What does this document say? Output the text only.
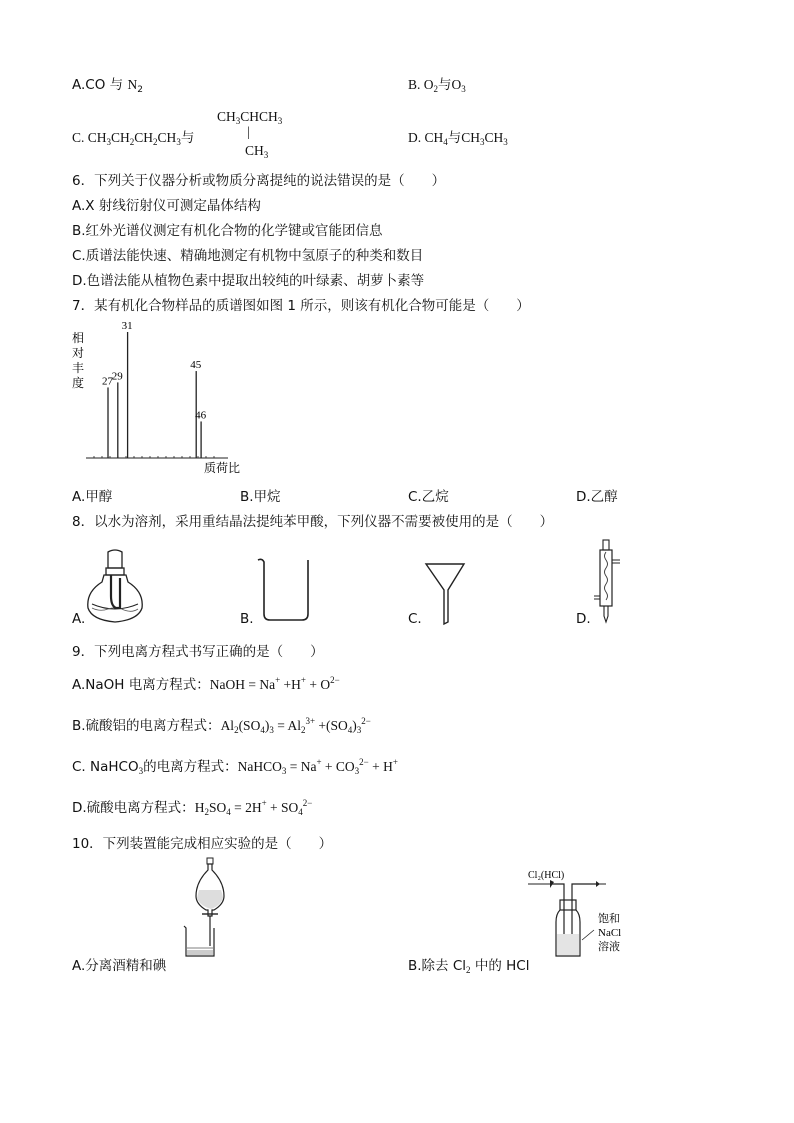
A.CO 与 $N_2$	B. $O_2$与$O_3$
$CH_3CHCH_3$
|
C. $CH_3CH_2CH_2CH_3$与
$CH_3$
D. $CH_4$与$CH_3CH_3$
6．下列关于仪器分析或物质分离提纯的说法错误的是（　　）
A.X 射线衍射仪可测定晶体结构
B.红外光谱仪测定有机化合物的化学键或官能团信息
C.质谱法能快速、精确地测定有机物中氢原子的种类和数目
D.色谱法能从植物色素中提取出较纯的叶绿素、胡萝卜素等
7．某有机化合物样品的质谱图如图 1 所示，则该有机化合物可能是（　　）
相
对
丰
度 27
29
31
45
46
质荷比
A.甲醇	B.甲烷	C.乙烷	D.乙醇
8．以水为溶剂，采用重结晶法提纯苯甲酸，下列仪器不需要被使用的是（　　）
A.	B.	C.	D.
9．下列电离方程式书写正确的是（　　）
A.NaOH 电离方程式：NaOH = $Na^+ +H^+ + O^{2-}$
B.硫酸铝的电离方程式：$Al_2(SO_4)_3 = Al_2^{3+} +(SO_4)_3^{2-}$
C. NaHCO$_3$的电离方程式：NaHCO$_3$ = $Na^+ + CO_3^{2-} + H^+$
D.硫酸电离方程式：$H_2SO_4 = 2H^+ + SO_4^{2-}$
10．下列装置能完成相应实验的是（　　）
A.分离酒精和碘
Cl₂(HCl)
饱和
NaCl
溶液
B.除去 $Cl_2$ 中的 HCl
